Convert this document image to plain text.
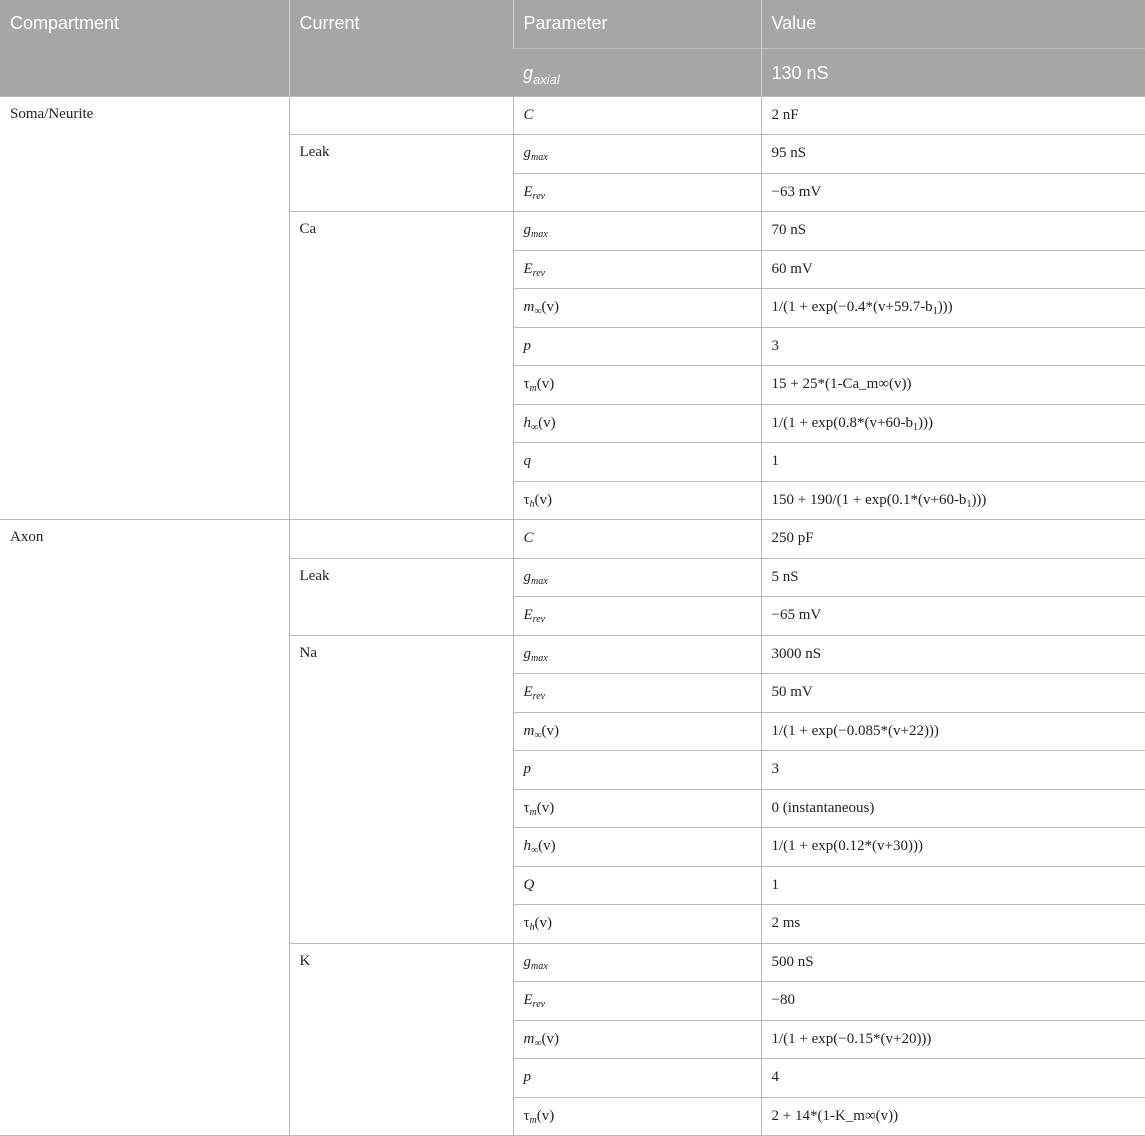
Compartment	Current	Parameter	Value
		$g_{axial}$	130 nS
Soma/Neurite		C	2 nF
	Leak	$g_{max}$	95 nS
		$E_{rev}$	−63 mV
	Ca	$g_{max}$	70 nS
		$E_{rev}$	60 mV
		$m_\infty(v)$	$1/(1 + \exp(-0.4*(v+59.7-b_1)))$
		p	3
		$\tau_m(v)$	15 + 25*(1-Ca_m∞(v))
		$h_\infty(v)$	$1/(1 + \exp(0.8*(v+60-b_1)))$
		q	1
		$\tau_h(v)$	$150 + 190/(1 + \exp(0.1*(v+60-b_1)))$
Axon		C	250 pF
	Leak	$g_{max}$	5 nS
		$E_{rev}$	−65 mV
	Na	$g_{max}$	3000 nS
		$E_{rev}$	50 mV
		$m_\infty(v)$	1/(1 + exp(−0.085*(v+22)))
		p	3
		$\tau_m(v)$	0 (instantaneous)
		$h_\infty(v)$	1/(1 + exp(0.12*(v+30)))
		Q	1
		$\tau_h(v)$	2 ms
	K	$g_{max}$	500 nS
		$E_{rev}$	−80
		$m_\infty(v)$	1/(1 + exp(−0.15*(v+20)))
		p	4
		$\tau_m(v)$	2 + 14*(1-K_m∞(v))
